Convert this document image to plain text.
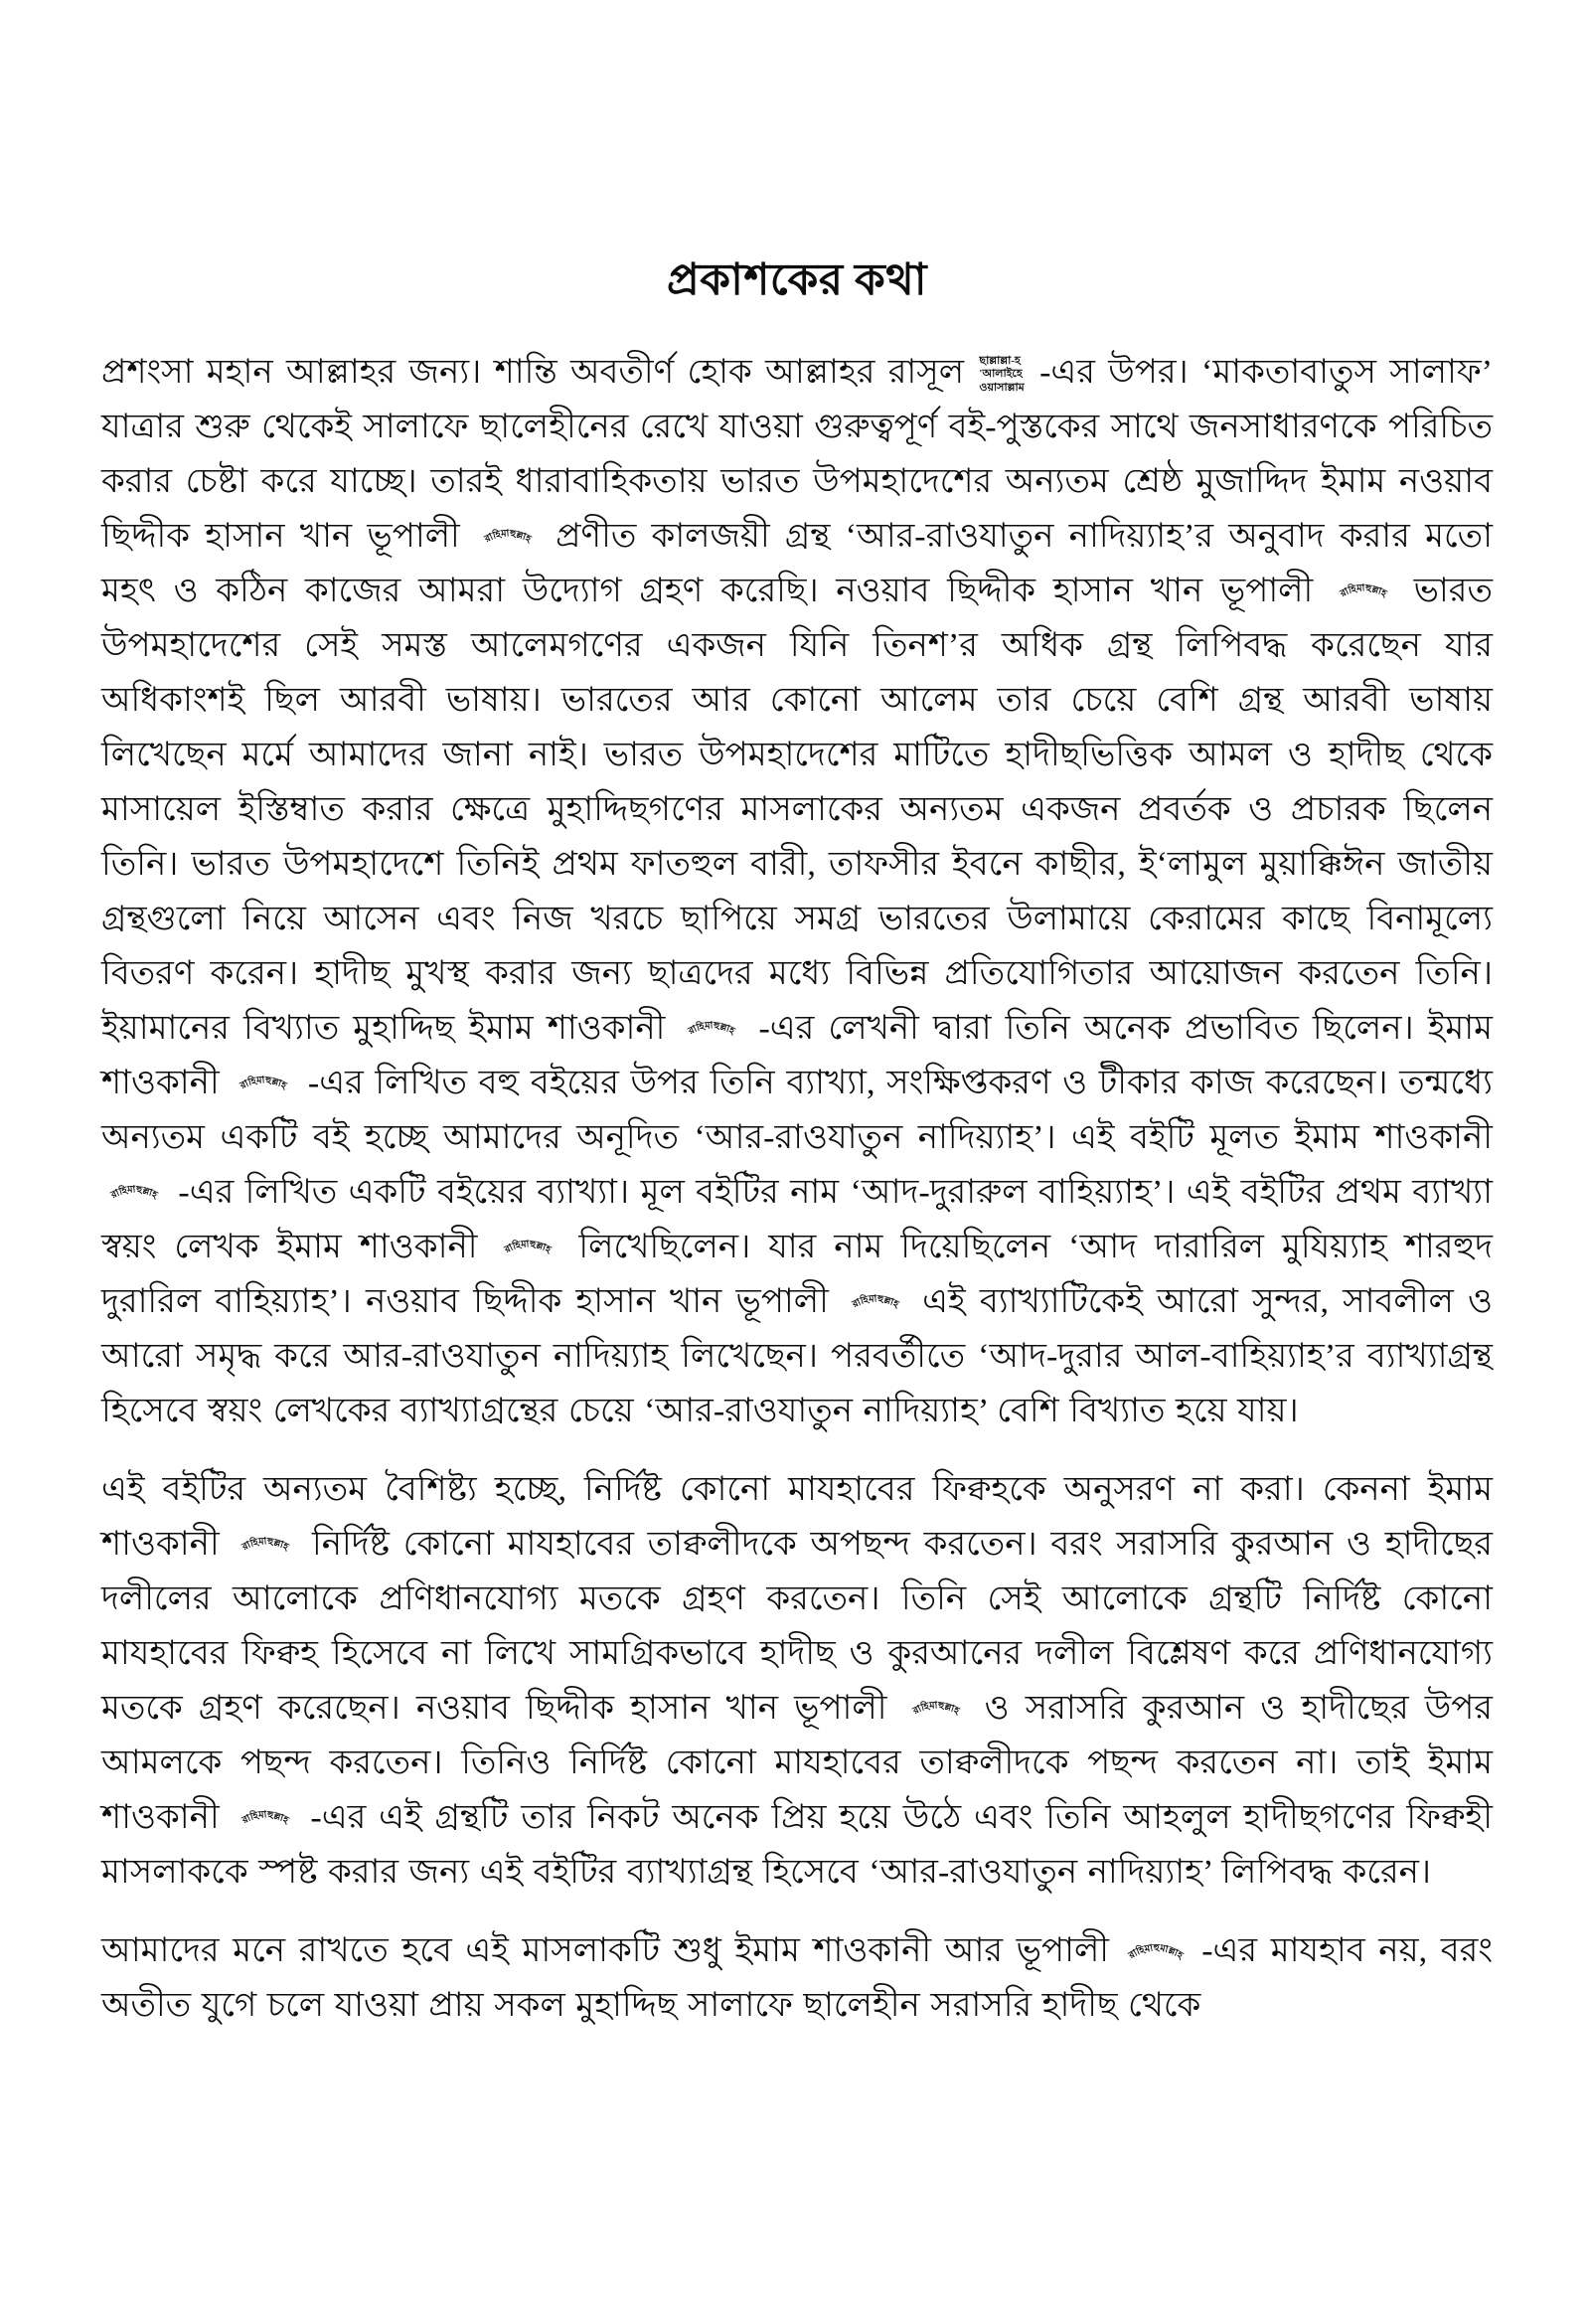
প্রকাশকের কথা

প্রশংসা মহান আল্লাহর জন্য। শান্তি অবতীর্ণ হোক আল্লাহর রাসূল ছাল্লাল্লা-হ
'আলাইহে
ওয়াসাল্লাম -এর উপর। ‘মাকতাবাতুস সালাফ’ যাত্রার শুরু থেকেই সালাফে ছালেহীনের রেখে যাওয়া গুরুত্বপূর্ণ বই-পুস্তকের সাথে জনসাধারণকে পরিচিত করার চেষ্টা করে যাচ্ছে। তারই ধারাবাহিকতায় ভারত উপমহাদেশের অন্যতম শ্রেষ্ঠ মুজাদ্দিদ ইমাম নওয়াব ছিদ্দীক হাসান খান ভূপালী রাহিমাহুল্লাহ প্রণীত কালজয়ী গ্রন্থ ‘আর-রাওযাতুন নাদিয়্যাহ’র অনুবাদ করার মতো মহৎ ও কঠিন কাজের আমরা উদ্যোগ গ্রহণ করেছি। নওয়াব ছিদ্দীক হাসান খান ভূপালী রাহিমাহুল্লাহ ভারত উপমহাদেশের সেই সমস্ত আলেমগণের একজন যিনি তিনশ’র অধিক গ্রন্থ লিপিবদ্ধ করেছেন যার অধিকাংশই ছিল আরবী ভাষায়। ভারতের আর কোনো আলেম তার চেয়ে বেশি গ্রন্থ আরবী ভাষায় লিখেছেন মর্মে আমাদের জানা নাই। ভারত উপমহাদেশের মাটিতে হাদীছভিত্তিক আমল ও হাদীছ থেকে মাসায়েল ইস্তিম্বাত করার ক্ষেত্রে মুহাদ্দিছগণের মাসলাকের অন্যতম একজন প্রবর্তক ও প্রচারক ছিলেন তিনি। ভারত উপমহাদেশে তিনিই প্রথম ফাতহুল বারী, তাফসীর ইবনে কাছীর, ই‘লামুল মুয়াক্কিঈন জাতীয় গ্রন্থগুলো নিয়ে আসেন এবং নিজ খরচে ছাপিয়ে সমগ্র ভারতের উলামায়ে কেরামের কাছে বিনামূল্যে বিতরণ করেন। হাদীছ মুখস্থ করার জন্য ছাত্রদের মধ্যে বিভিন্ন প্রতিযোগিতার আয়োজন করতেন তিনি। ইয়ামানের বিখ্যাত মুহাদ্দিছ ইমাম শাওকানী রাহিমাহুল্লাহ -এর লেখনী দ্বারা তিনি অনেক প্রভাবিত ছিলেন। ইমাম শাওকানী রাহিমাহুল্লাহ -এর লিখিত বহু বইয়ের উপর তিনি ব্যাখ্যা, সংক্ষিপ্তকরণ ও টীকার কাজ করেছেন। তন্মধ্যে অন্যতম একটি বই হচ্ছে আমাদের অনূদিত ‘আর-রাওযাতুন নাদিয়্যাহ’। এই বইটি মূলত ইমাম শাওকানী
রাহিমাহুল্লাহ -এর লিখিত একটি বইয়ের ব্যাখ্যা। মূল বইটির নাম ‘আদ-দুরারুল বাহিয়্যাহ’। এই বইটির প্রথম ব্যাখ্যা স্বয়ং লেখক ইমাম শাওকানী রাহিমাহুল্লাহ লিখেছিলেন। যার নাম দিয়েছিলেন ‘আদ দারারিল মুযিয়্যাহ শারহুদ দুরারিল বাহিয়্যাহ’। নওয়াব ছিদ্দীক হাসান খান ভূপালী রাহিমাহুল্লাহ এই ব্যাখ্যাটিকেই আরো সুন্দর, সাবলীল ও আরো সমৃদ্ধ করে আর-রাওযাতুন নাদিয়্যাহ লিখেছেন। পরবর্তীতে ‘আদ-দুরার আল-বাহিয়্যাহ’র ব্যাখ্যাগ্রন্থ হিসেবে স্বয়ং লেখকের ব্যাখ্যাগ্রন্থের চেয়ে ‘আর-রাওযাতুন নাদিয়্যাহ’ বেশি বিখ্যাত হয়ে যায়।

এই বইটির অন্যতম বৈশিষ্ট্য হচ্ছে, নির্দিষ্ট কোনো মাযহাবের ফিক্বহকে অনুসরণ না করা। কেননা ইমাম শাওকানী রাহিমাহুল্লাহ নির্দিষ্ট কোনো মাযহাবের তাক্বলীদকে অপছন্দ করতেন। বরং সরাসরি কুরআন ও হাদীছের দলীলের আলোকে প্রণিধানযোগ্য মতকে গ্রহণ করতেন। তিনি সেই আলোকে গ্রন্থটি নির্দিষ্ট কোনো মাযহাবের ফিক্বহ হিসেবে না লিখে সামগ্রিকভাবে হাদীছ ও কুরআনের দলীল বিশ্লেষণ করে প্রণিধানযোগ্য মতকে গ্রহণ করেছেন। নওয়াব ছিদ্দীক হাসান খান ভূপালী রাহিমাহুল্লাহ ও সরাসরি কুরআন ও হাদীছের উপর আমলকে পছন্দ করতেন। তিনিও নির্দিষ্ট কোনো মাযহাবের তাক্বলীদকে পছন্দ করতেন না। তাই ইমাম শাওকানী রাহিমাহুল্লাহ -এর এই গ্রন্থটি তার নিকট অনেক প্রিয় হয়ে উঠে এবং তিনি আহলুল হাদীছগণের ফিক্বহী মাসলাককে স্পষ্ট করার জন্য এই বইটির ব্যাখ্যাগ্রন্থ হিসেবে ‘আর-রাওযাতুন নাদিয়্যাহ’ লিপিবদ্ধ করেন।

আমাদের মনে রাখতে হবে এই মাসলাকটি শুধু ইমাম শাওকানী আর ভূপালী রাহিমাহুমাল্লাহ -এর মাযহাব নয়, বরং অতীত যুগে চলে যাওয়া প্রায় সকল মুহাদ্দিছ সালাফে ছালেহীন সরাসরি হাদীছ থেকে
